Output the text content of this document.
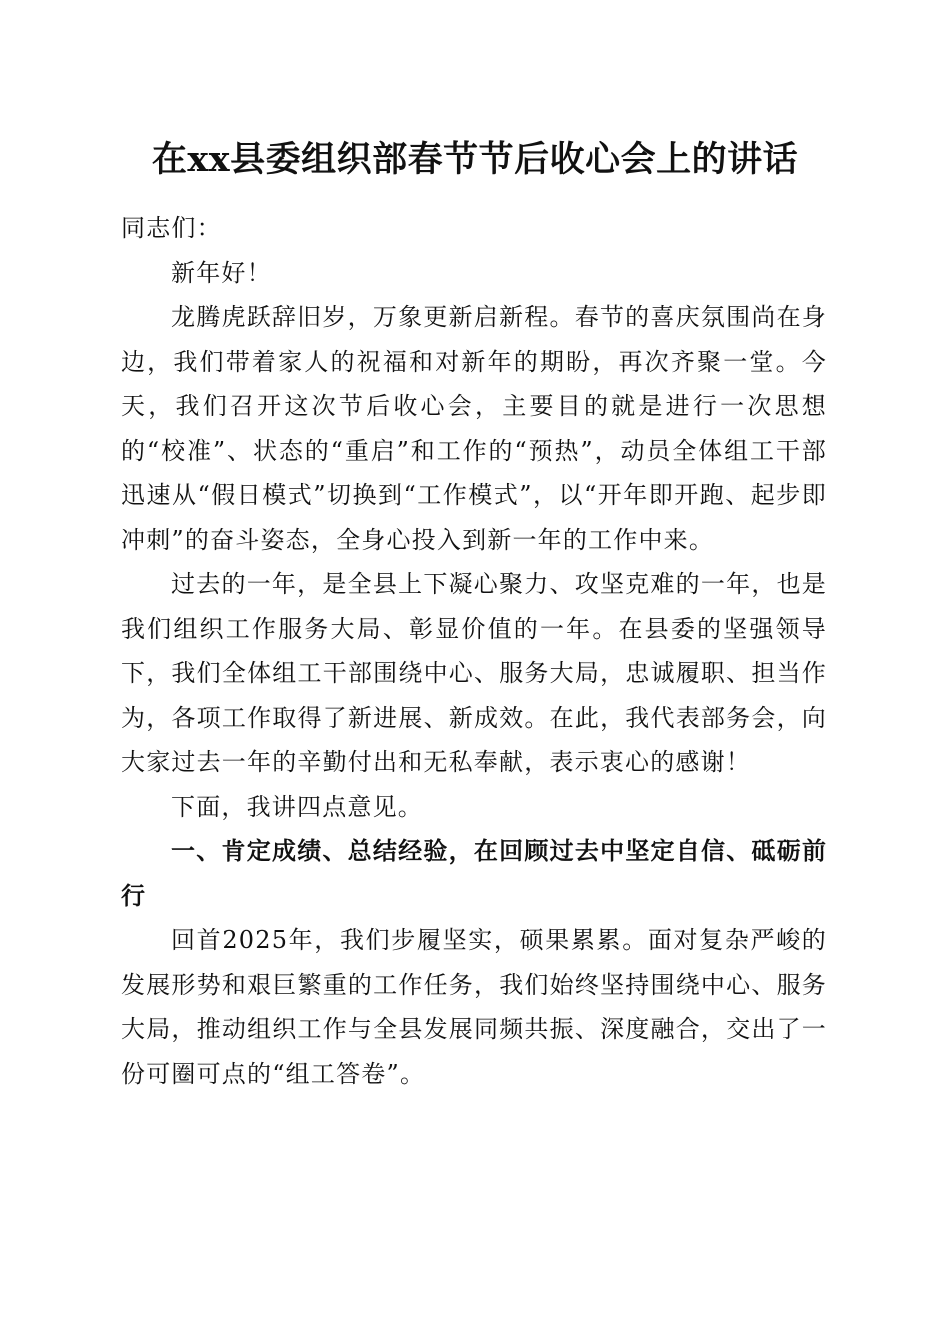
在xx县委组织部春节节后收心会上的讲话

同志们：

新年好！

龙腾虎跃辞旧岁，万象更新启新程。春节的喜庆氛围尚在身边，我们带着家人的祝福和对新年的期盼，再次齐聚一堂。今天，我们召开这次节后收心会，主要目的就是进行一次思想的“校准”、状态的“重启”和工作的“预热”，动员全体组工干部迅速从“假日模式”切换到“工作模式”，以“开年即开跑、起步即冲刺”的奋斗姿态，全身心投入到新一年的工作中来。

过去的一年，是全县上下凝心聚力、攻坚克难的一年，也是我们组织工作服务大局、彰显价值的一年。在县委的坚强领导下，我们全体组工干部围绕中心、服务大局，忠诚履职、担当作为，各项工作取得了新进展、新成效。在此，我代表部务会，向大家过去一年的辛勤付出和无私奉献，表示衷心的感谢！

下面，我讲四点意见。

一、肯定成绩、总结经验，在回顾过去中坚定自信、砥砺前行

回首2025年，我们步履坚实，硕果累累。面对复杂严峻的发展形势和艰巨繁重的工作任务，我们始终坚持围绕中心、服务大局，推动组织工作与全县发展同频共振、深度融合，交出了一份可圈可点的“组工答卷”。
